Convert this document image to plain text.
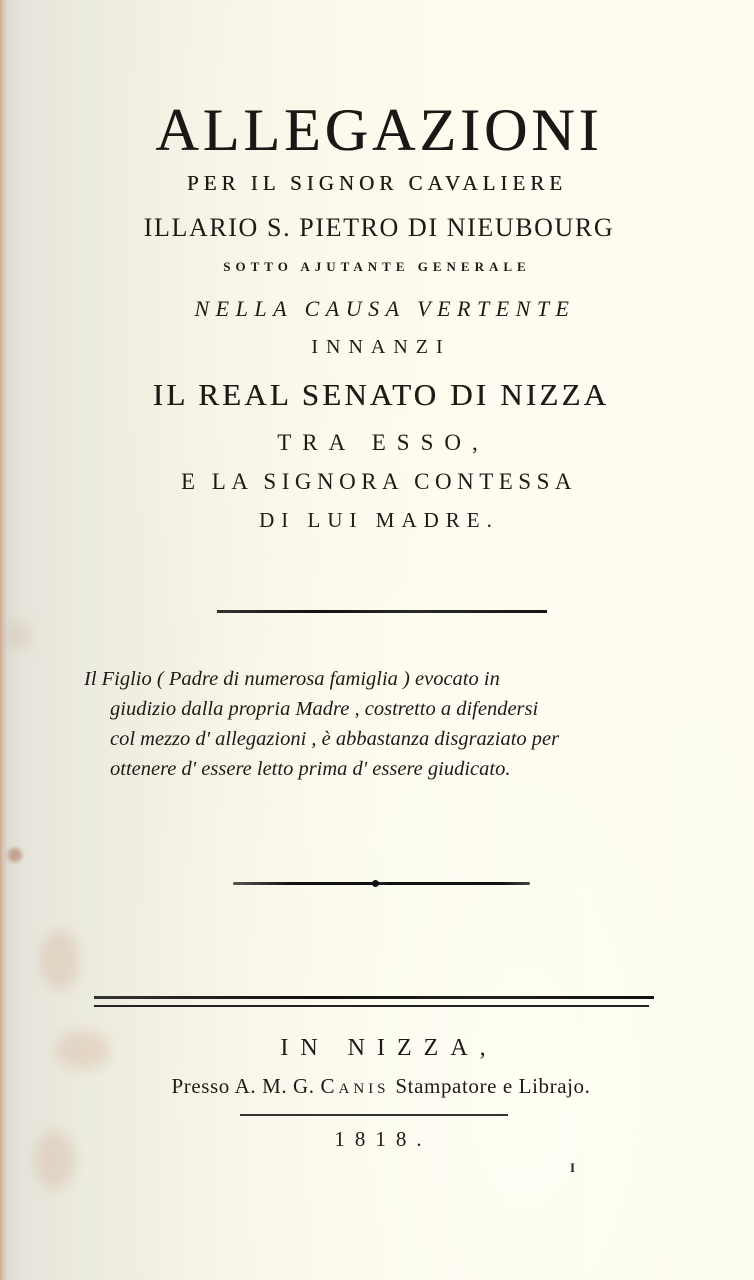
ALLEGAZIONI
PER IL SIGNOR CAVALIERE
ILLARIO S. PIETRO DI NIEUBOURG
SOTTO AJUTANTE GENERALE
NELLA CAUSA VERTENTE
INNANZI
IL REAL SENATO DI NIZZA
TRA ESSO,
E LA SIGNORA CONTESSA
DI LUI MADRE.
Il Figlio ( Padre di numerosa famiglia ) evocato in
giudizio dalla propria Madre , costretto a difendersi
col mezzo d' allegazioni , è abbastanza disgraziato per
ottenere d' essere letto prima d' essere giudicato.
IN NIZZA,
Presso A. M. G. Canis Stampatore e Librajo.
1818.
I
